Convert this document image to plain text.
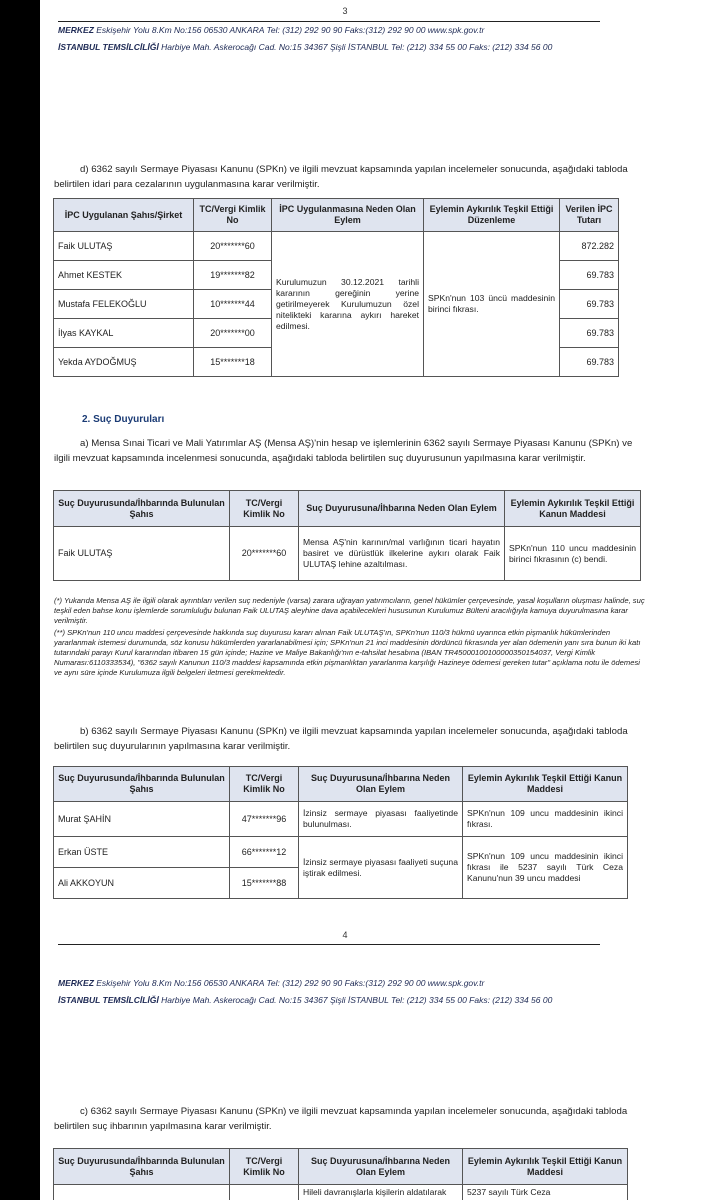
3
MERKEZ Eskişehir Yolu 8.Km No:156 06530 ANKARA Tel: (312) 292 90 90 Faks:(312) 292 90 00 www.spk.gov.tr
İSTANBUL TEMSİLCİLİĞİ Harbiye Mah. Askerocağı Cad. No:15 34367 Şişli İSTANBUL Tel: (212) 334 55 00 Faks: (212) 334 56 00
d) 6362 sayılı Sermaye Piyasası Kanunu (SPKn) ve ilgili mevzuat kapsamında yapılan incelemeler sonucunda, aşağıdaki tabloda belirtilen idari para cezalarının uygulanmasına karar verilmiştir.
İPC Uygulanan Şahıs/Şirket	TC/Vergi Kimlik No	İPC Uygulanmasına Neden Olan Eylem	Eylemin Aykırılık Teşkil Ettiği Düzenleme	Verilen İPC Tutarı
Faik ULUTAŞ	20*******60	Kurulumuzun 30.12.2021 tarihli kararının gereğinin yerine getirilmeyerek Kurulumuzun özel nitelikteki kararına aykırı hareket edilmesi.	SPKn'nun 103 üncü maddesinin birinci fıkrası.	872.282
Ahmet KESTEK	19*******82			69.783
Mustafa FELEKOĞLU	10*******44			69.783
İlyas KAYKAL	20*******00			69.783
Yekda AYDOĞMUŞ	15*******18			69.783
2. Suç Duyuruları
a) Mensa Sınai Ticari ve Mali Yatırımlar AŞ (Mensa AŞ)'nin hesap ve işlemlerinin 6362 sayılı Sermaye Piyasası Kanunu (SPKn) ve ilgili mevzuat kapsamında incelenmesi sonucunda, aşağıdaki tabloda belirtilen suç duyurusunun yapılmasına karar verilmiştir.
Suç Duyurusunda/İhbarında Bulunulan Şahıs	TC/Vergi Kimlik No	Suç Duyurusuna/İhbarına Neden Olan Eylem	Eylemin Aykırılık Teşkil Ettiği Kanun Maddesi
Faik ULUTAŞ	20*******60	Mensa AŞ'nin karının/mal varlığının ticari hayatın basiret ve dürüstlük ilkelerine aykırı olarak Faik ULUTAŞ lehine azaltılması.	SPKn'nun 110 uncu maddesinin birinci fıkrasının (c) bendi.
(*) Yukarıda Mensa AŞ ile ilgili olarak ayrıntıları verilen suç nedeniyle (varsa) zarara uğrayan yatırımcıların, genel hükümler çerçevesinde, yasal koşulların oluşması halinde, suç teşkil eden bahse konu işlemlerde sorumluluğu bulunan Faik ULUTAŞ aleyhine dava açabilecekleri hususunun Kurulumuz Bülteni aracılığıyla kamuya duyurulmasına karar verilmiştir.
(**) SPKn'nun 110 uncu maddesi çerçevesinde hakkında suç duyurusu kararı alınan Faik ULUTAŞ'ın, SPKn'nun 110/3 hükmü uyarınca etkin pişmanlık hükümlerinden yararlanmak istemesi durumunda, söz konusu hükümlerden yararlanabilmesi için; SPKn'nun 21 inci maddesinin dördüncü fıkrasında yer alan ödemenin yanı sıra bunun iki katı tutarındaki parayı Kurul kararından itibaren 15 gün içinde; Hazine ve Maliye Bakanlığı'nın e-tahsilat hesabına (IBAN TR450001001000003501540​37, Vergi Kimlik Numarası:6110333534), "6362 sayılı Kanunun 110/3 maddesi kapsamında etkin pişmanlıktan yararlanma karşılığı Hazineye ödemesi gereken tutar" açıklama notu ile ödemesi ve aynı süre içinde Kurulumuza ilgili belgeleri iletmesi gerekmektedir.
b) 6362 sayılı Sermaye Piyasası Kanunu (SPKn) ve ilgili mevzuat kapsamında yapılan incelemeler sonucunda, aşağıdaki tabloda belirtilen suç duyurularının yapılmasına karar verilmiştir.
Suç Duyurusunda/İhbarında Bulunulan Şahıs	TC/Vergi Kimlik No	Suç Duyurusuna/İhbarına Neden Olan Eylem	Eylemin Aykırılık Teşkil Ettiği Kanun Maddesi
Murat ŞAHİN	47*******96	İzinsiz sermaye piyasası faaliyetinde bulunulması.	SPKn'nun 109 uncu maddesinin ikinci fıkrası.
Erkan ÜSTE	66*******12	İzinsiz sermaye piyasası faaliyeti suçuna iştirak edilmesi.	SPKn'nun 109 uncu maddesinin ikinci fıkrası ile 5237 sayılı Türk Ceza Kanunu'nun 39 uncu maddesi
Ali AKKOYUN	15*******88		
4
MERKEZ Eskişehir Yolu 8.Km No:156 06530 ANKARA Tel: (312) 292 90 90 Faks:(312) 292 90 00 www.spk.gov.tr
İSTANBUL TEMSİLCİLİĞİ Harbiye Mah. Askerocağı Cad. No:15 34367 Şişli İSTANBUL Tel: (212) 334 55 00 Faks: (212) 334 56 00
c) 6362 sayılı Sermaye Piyasası Kanunu (SPKn) ve ilgili mevzuat kapsamında yapılan incelemeler sonucunda, aşağıdaki tabloda belirtilen suç ihbarının yapılmasına karar verilmiştir.
Suç Duyurusunda/İhbarında Bulunulan Şahıs	TC/Vergi Kimlik No	Suç Duyurusuna/İhbarına Neden Olan Eylem	Eylemin Aykırılık Teşkil Ettiği Kanun Maddesi
		Hileli davranışlarla kişilerin aldatılarak	5237 sayılı Türk Ceza
